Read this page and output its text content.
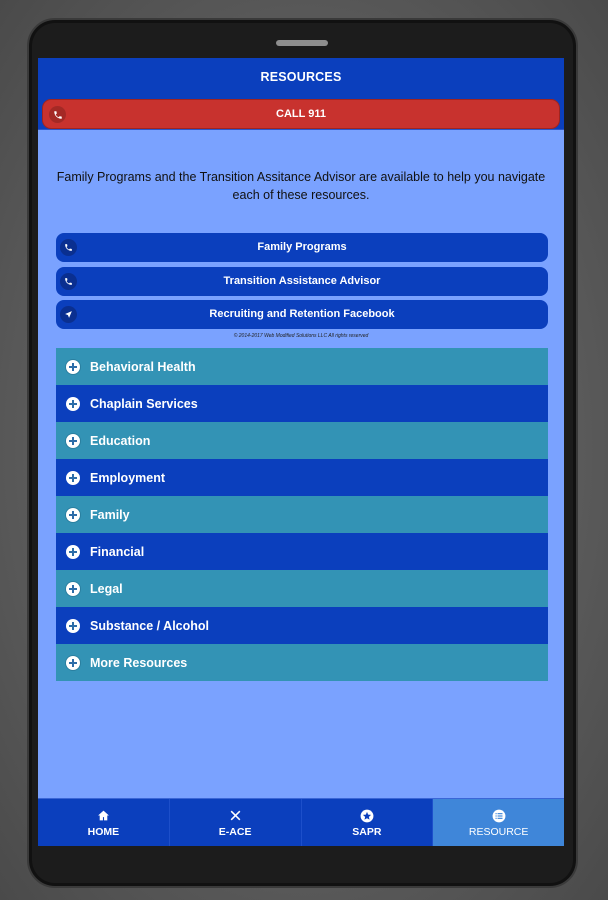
RESOURCES
CALL 911
Family Programs and the Transition Assitance Advisor are available to help you navigate each of these resources.
Family Programs
Transition Assistance Advisor
Recruiting and Retention Facebook
© 2014-2017 Web Modified Solutions LLC All rights reserved
Behavioral Health
Chaplain Services
Education
Employment
Family
Financial
Legal
Substance / Alcohol
More Resources
HOME	E-ACE	SAPR	RESOURCE
